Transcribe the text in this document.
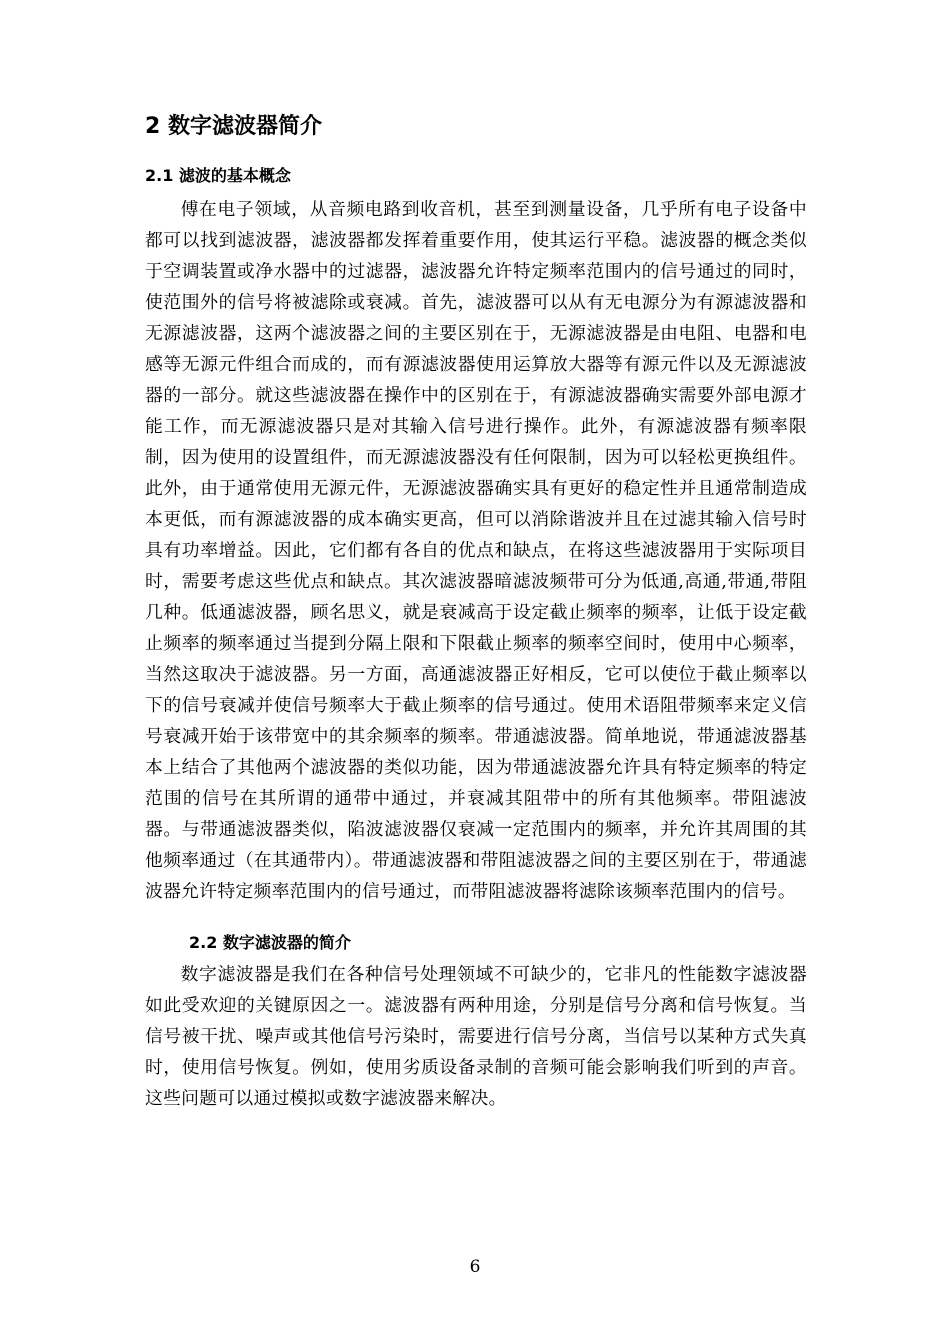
2 数字滤波器简介
2.1 滤波的基本概念

傅在电子领域，从音频电路到收音机，甚至到测量设备，几乎所有电子设备中都可以找到滤波器，滤波器都发挥着重要作用，使其运行平稳。滤波器的概念类似于空调装置或净水器中的过滤器，滤波器允许特定频率范围内的信号通过的同时，使范围外的信号将被滤除或衰减。首先，滤波器可以从有无电源分为有源滤波器和无源滤波器，这两个滤波器之间的主要区别在于，无源滤波器是由电阻、电器和电感等无源元件组合而成的，而有源滤波器使用运算放大器等有源元件以及无源滤波器的一部分。就这些滤波器在操作中的区别在于，有源滤波器确实需要外部电源才能工作，而无源滤波器只是对其输入信号进行操作。此外，有源滤波器有频率限制，因为使用的设置组件，而无源滤波器没有任何限制，因为可以轻松更换组件。此外，由于通常使用无源元件，无源滤波器确实具有更好的稳定性并且通常制造成本更低，而有源滤波器的成本确实更高，但可以消除谐波并且在过滤其输入信号时具有功率增益。因此，它们都有各自的优点和缺点，在将这些滤波器用于实际项目时，需要考虑这些优点和缺点。其次滤波器暗滤波频带可分为低通,高通,带通,带阻几种。低通滤波器，顾名思义，就是衰减高于设定截止频率的频率，让低于设定截止频率的频率通过当提到分隔上限和下限截止频率的频率空间时，使用中心频率，当然这取决于滤波器。另一方面，高通滤波器正好相反，它可以使位于截止频率以下的信号衰减并使信号频率大于截止频率的信号通过。使用术语阻带频率来定义信号衰减开始于该带宽中的其余频率的频率。带通滤波器。简单地说，带通滤波器基本上结合了其他两个滤波器的类似功能，因为带通滤波器允许具有特定频率的特定范围的信号在其所谓的通带中通过，并衰减其阻带中的所有其他频率。带阻滤波器。与带通滤波器类似，陷波滤波器仅衰减一定范围内的频率，并允许其周围的其他频率通过（在其通带内）。带通滤波器和带阻滤波器之间的主要区别在于，带通滤波器允许特定频率范围内的信号通过，而带阻滤波器将滤除该频率范围内的信号。

2.2 数字滤波器的简介

数字滤波器是我们在各种信号处理领域不可缺少的，它非凡的性能数字滤波器如此受欢迎的关键原因之一。滤波器有两种用途，分别是信号分离和信号恢复。当信号被干扰、噪声或其他信号污染时，需要进行信号分离，当信号以某种方式失真时，使用信号恢复。例如，使用劣质设备录制的音频可能会影响我们听到的声音。这些问题可以通过模拟或数字滤波器来解决。

6
